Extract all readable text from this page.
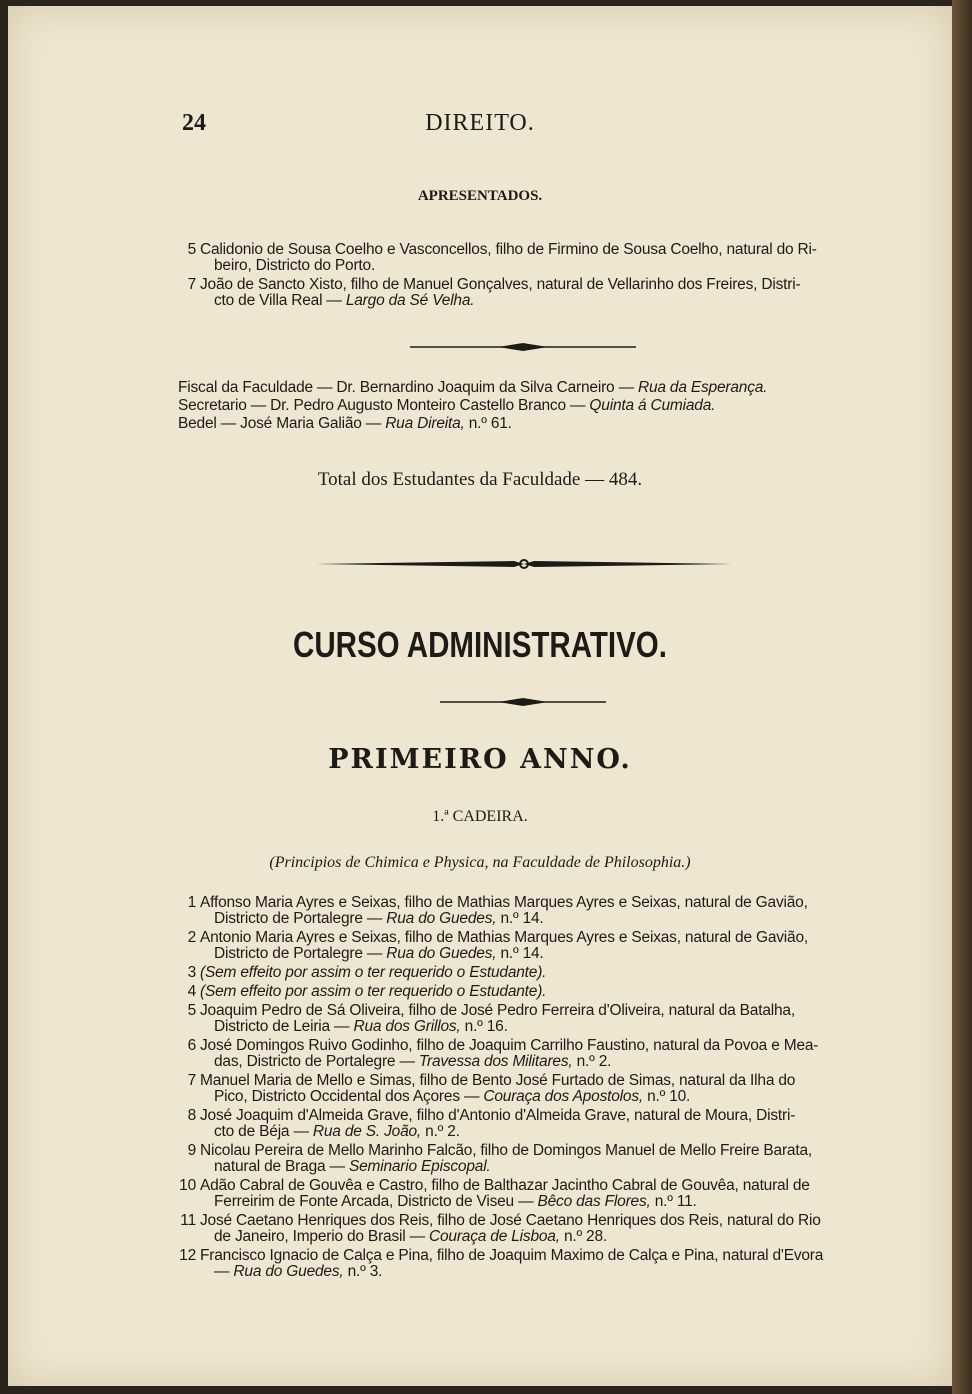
24	DIREITO.
APRESENTADOS.
5 Calidonio de Sousa Coelho e Vasconcellos, filho de Firmino de Sousa Coelho, natural do Ri-
beiro, Districto do Porto.
7 João de Sancto Xisto, filho de Manuel Gonçalves, natural de Vellarinho dos Freires, Distri-
cto de Villa Real — Largo da Sé Velha.
Fiscal da Faculdade — Dr. Bernardino Joaquim da Silva Carneiro — Rua da Esperança.
Secretario — Dr. Pedro Augusto Monteiro Castello Branco — Quinta á Cumiada.
Bedel — José Maria Galião — Rua Direita, n.º 61.
Total dos Estudantes da Faculdade — 484.
CURSO ADMINISTRATIVO.
PRIMEIRO ANNO.
1.ª CADEIRA.
(Principios de Chimica e Physica, na Faculdade de Philosophia.)
1 Affonso Maria Ayres e Seixas, filho de Mathias Marques Ayres e Seixas, natural de Gavião,
Districto de Portalegre — Rua do Guedes, n.º 14.
2 Antonio Maria Ayres e Seixas, filho de Mathias Marques Ayres e Seixas, natural de Gavião,
Districto de Portalegre — Rua do Guedes, n.º 14.
3 (Sem effeito por assim o ter requerido o Estudante).
4 (Sem effeito por assim o ter requerido o Estudante).
5 Joaquim Pedro de Sá Oliveira, filho de José Pedro Ferreira d'Oliveira, natural da Batalha,
Districto de Leiria — Rua dos Grillos, n.º 16.
6 José Domingos Ruivo Godinho, filho de Joaquim Carrilho Faustino, natural da Povoa e Mea-
das, Districto de Portalegre — Travessa dos Militares, n.º 2.
7 Manuel Maria de Mello e Simas, filho de Bento José Furtado de Simas, natural da Ilha do
Pico, Districto Occidental dos Açores — Couraça dos Apostolos, n.º 10.
8 José Joaquim d'Almeida Grave, filho d'Antonio d'Almeida Grave, natural de Moura, Distri-
cto de Béja — Rua de S. João, n.º 2.
9 Nicolau Pereira de Mello Marinho Falcão, filho de Domingos Manuel de Mello Freire Barata,
natural de Braga — Seminario Episcopal.
10 Adão Cabral de Gouvêa e Castro, filho de Balthazar Jacintho Cabral de Gouvêa, natural de
Ferreirim de Fonte Arcada, Districto de Viseu — Bêco das Flores, n.º 11.
11 José Caetano Henriques dos Reis, filho de José Caetano Henriques dos Reis, natural do Rio
de Janeiro, Imperio do Brasil — Couraça de Lisboa, n.º 28.
12 Francisco Ignacio de Calça e Pina, filho de Joaquim Maximo de Calça e Pina, natural d'Evora
— Rua do Guedes, n.º 3.
